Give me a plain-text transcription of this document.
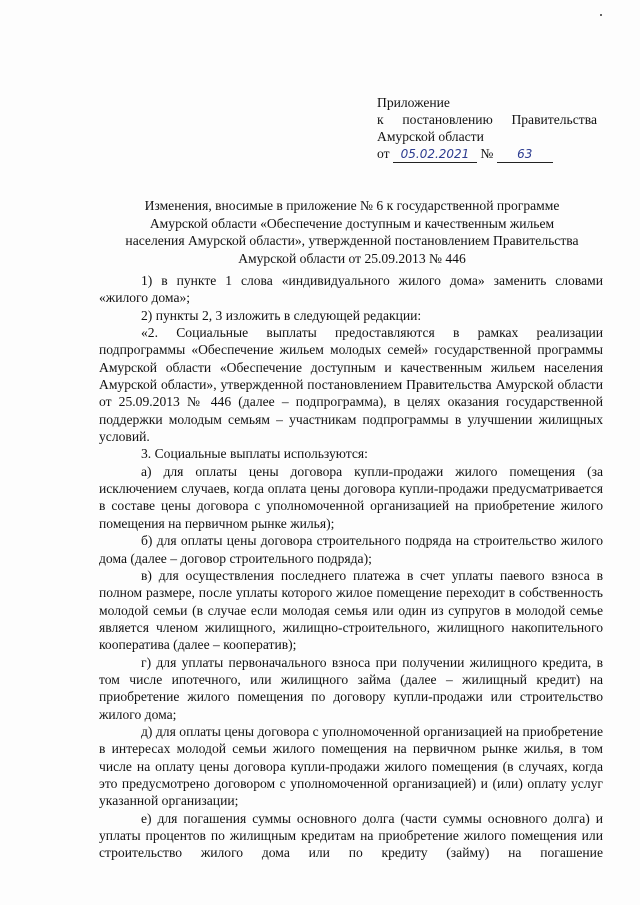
Приложение
к постановлению Правительства
Амурской области
от 05.02.2021 № 63
Изменения, вносимые в приложение № 6 к государственной программе
Амурской области «Обеспечение доступным и качественным жильем
населения Амурской области», утвержденной постановлением Правительства
Амурской области от 25.09.2013 № 446

1) в пункте 1 слова «индивидуального жилого дома» заменить словами «жилого дома»;

2) пункты 2, 3 изложить в следующей редакции:

«2. Социальные выплаты предоставляются в рамках реализации подпрограммы «Обеспечение жильем молодых семей» государственной программы Амурской области «Обеспечение доступным и качественным жильем населения Амурской области», утвержденной постановлением Правительства Амурской области от 25.09.2013 № 446 (далее – подпрограмма), в целях оказания государственной поддержки молодым семьям – участникам подпрограммы в улучшении жилищных условий.

3. Социальные выплаты используются:

а) для оплаты цены договора купли-продажи жилого помещения (за исключением случаев, когда оплата цены договора купли-продажи предусматривается в составе цены договора с уполномоченной организацией на приобретение жилого помещения на первичном рынке жилья);

б) для оплаты цены договора строительного подряда на строительство жилого дома (далее – договор строительного подряда);

в) для осуществления последнего платежа в счет уплаты паевого взноса в полном размере, после уплаты которого жилое помещение переходит в собственность молодой семьи (в случае если молодая семья или один из супругов в молодой семье является членом жилищного, жилищно-строительного, жилищного накопительного кооператива (далее – кооператив);

г) для уплаты первоначального взноса при получении жилищного кредита, в том числе ипотечного, или жилищного займа (далее – жилищный кредит) на приобретение жилого помещения по договору купли-продажи или строительство жилого дома;

д) для оплаты цены договора с уполномоченной организацией на приобретение в интересах молодой семьи жилого помещения на первичном рынке жилья, в том числе на оплату цены договора купли-продажи жилого помещения (в случаях, когда это предусмотрено договором с уполномоченной организацией) и (или) оплату услуг указанной организации;

е) для погашения суммы основного долга (части суммы основного долга) и уплаты процентов по жилищным кредитам на приобретение жилого помещения или строительство жилого дома или по кредиту (займу) на погашение
